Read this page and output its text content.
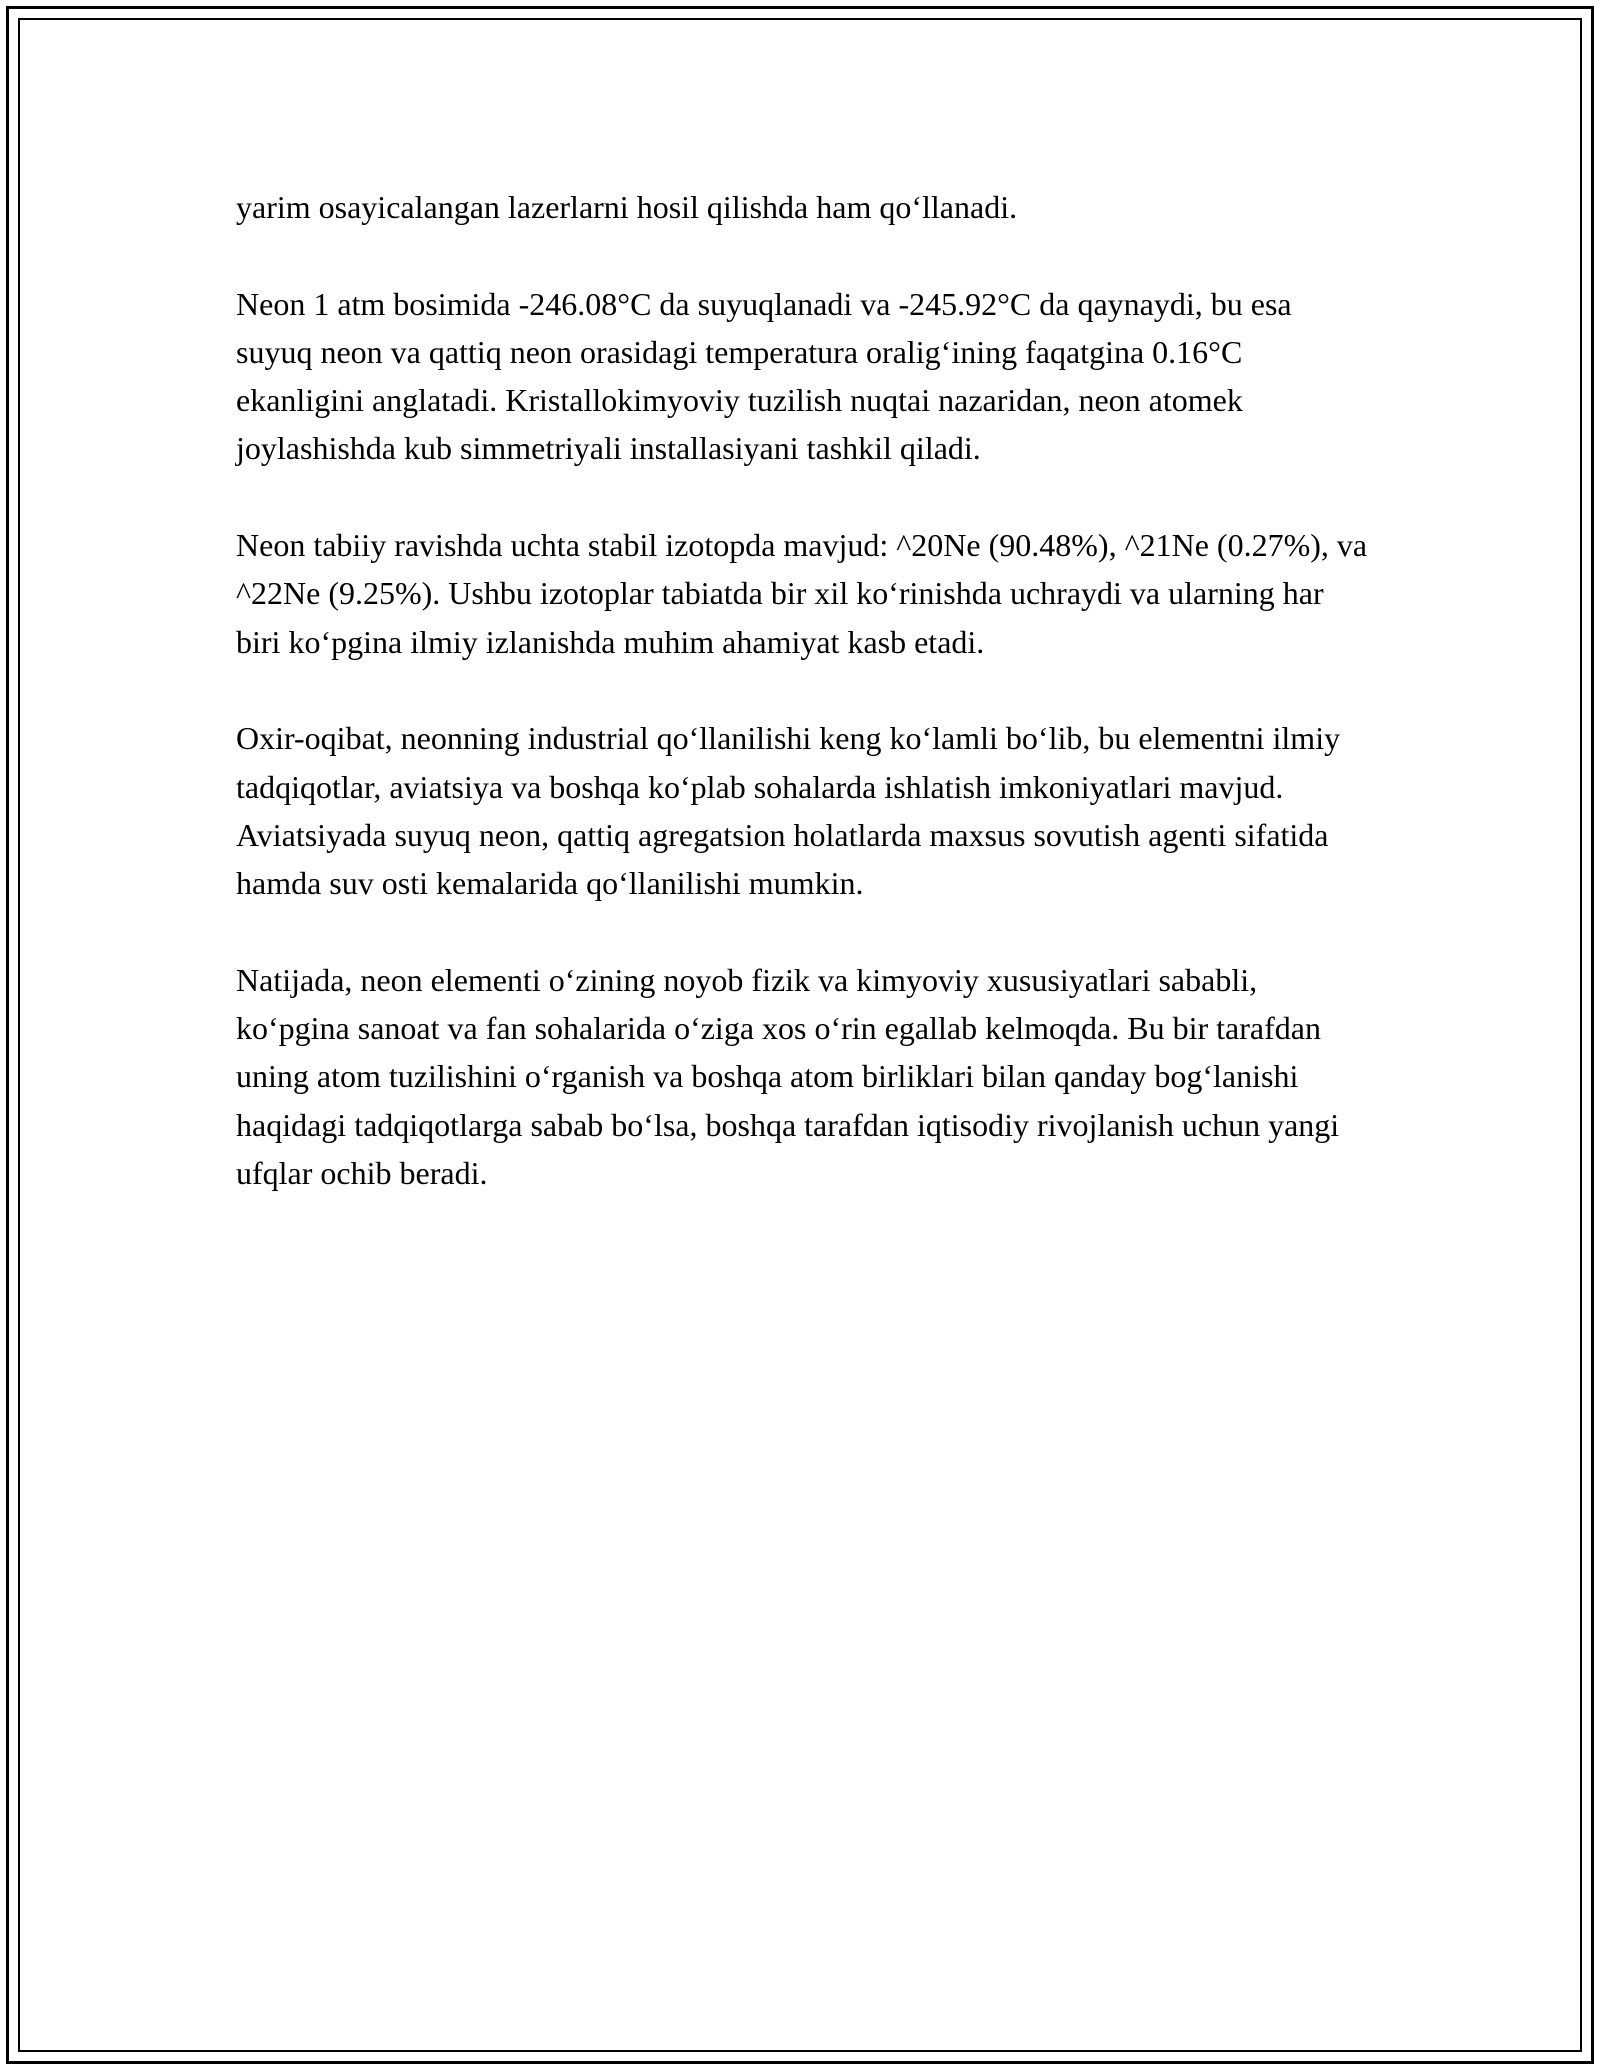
yarim osayicalangan lazerlarni hosil qilishda ham qo‘llanadi.

Neon 1 atm bosimida -246.08°C da suyuqlanadi va -245.92°C da qaynaydi, bu esa suyuq neon va qattiq neon orasidagi temperatura oralig‘ining faqatgina 0.16°C ekanligini anglatadi. Kristallokimyoviy tuzilish nuqtai nazaridan, neon atomek joylashishda kub simmetriyali installasiyani tashkil qiladi.

Neon tabiiy ravishda uchta stabil izotopda mavjud: ^20Ne (90.48%), ^21Ne (0.27%), va ^22Ne (9.25%). Ushbu izotoplar tabiatda bir xil ko‘rinishda uchraydi va ularning har biri ko‘pgina ilmiy izlanishda muhim ahamiyat kasb etadi.

Oxir-oqibat, neonning industrial qo‘llanilishi keng ko‘lamli bo‘lib, bu elementni ilmiy tadqiqotlar, aviatsiya va boshqa ko‘plab sohalarda ishlatish imkoniyatlari mavjud. Aviatsiyada suyuq neon, qattiq agregatsion holatlarda maxsus sovutish agenti sifatida hamda suv osti kemalarida qo‘llanilishi mumkin.

Natijada, neon elementi o‘zining noyob fizik va kimyoviy xususiyatlari sababli, ko‘pgina sanoat va fan sohalarida o‘ziga xos o‘rin egallab kelmoqda. Bu bir tarafdan uning atom tuzilishini o‘rganish va boshqa atom birliklari bilan qanday bog‘lanishi haqidagi tadqiqotlarga sabab bo‘lsa, boshqa tarafdan iqtisodiy rivojlanish uchun yangi ufqlar ochib beradi.
